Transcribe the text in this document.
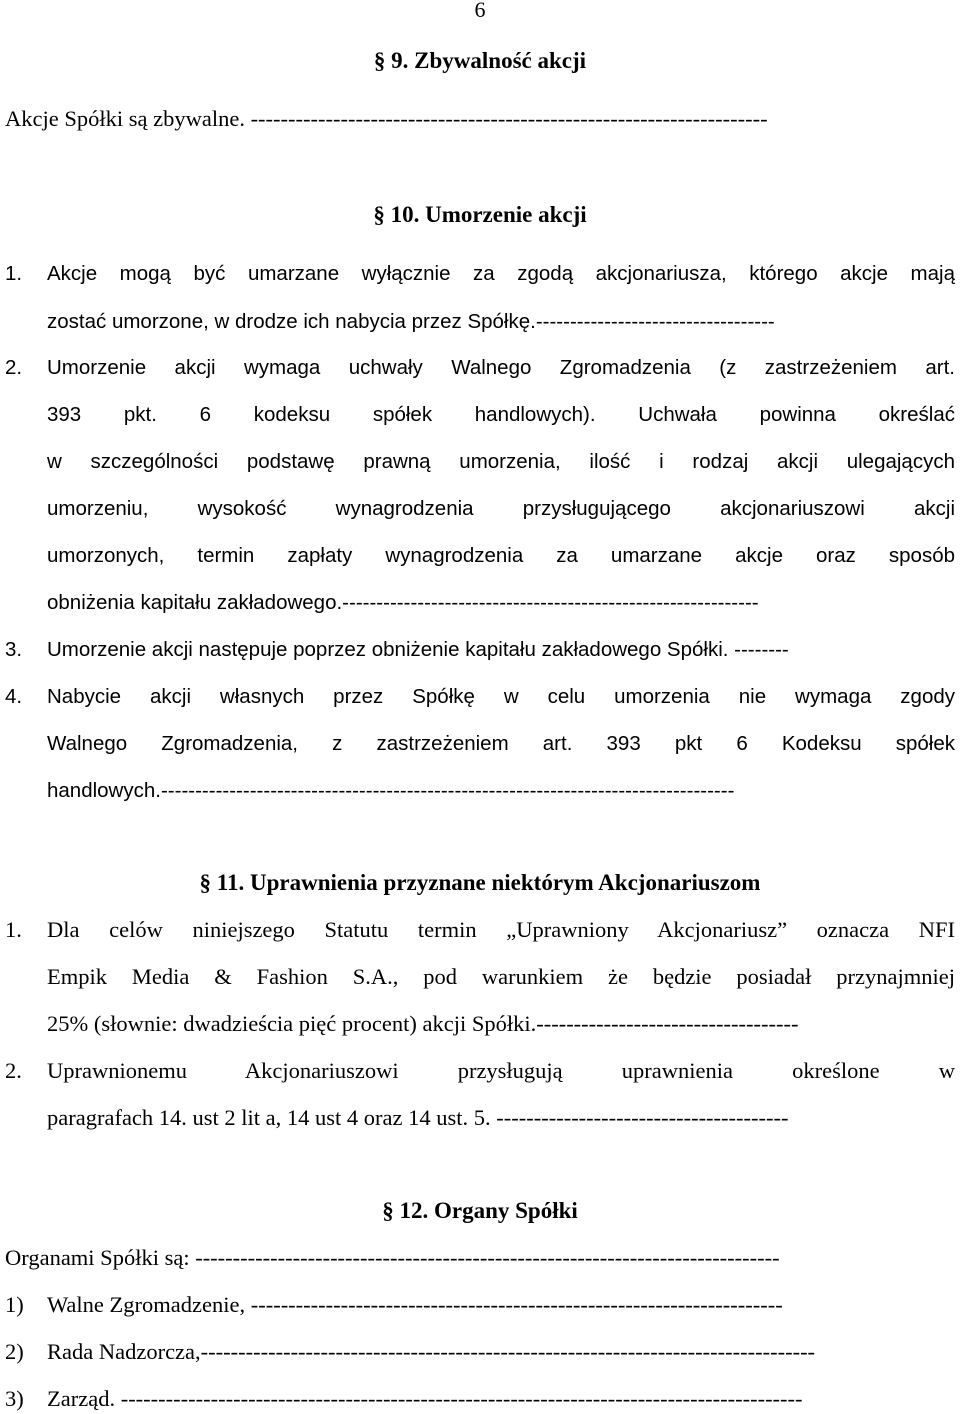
6
§ 9. Zbywalność akcji
Akcje Spółki są zbywalne. ---------------------------------------------------------------------
§ 10. Umorzenie akcji
1. Akcje mogą być umarzane wyłącznie za zgodą akcjonariusza, którego akcje mają
zostać umorzone, w drodze ich nabycia przez Spółkę.-----------------------------------
2. Umorzenie akcji wymaga uchwały Walnego Zgromadzenia (z zastrzeżeniem art.
393 pkt. 6 kodeksu spółek handlowych). Uchwała powinna określać
w szczególności podstawę prawną umorzenia, ilość i rodzaj akcji ulegających
umorzeniu, wysokość wynagrodzenia przysługującego akcjonariuszowi akcji
umorzonych, termin zapłaty wynagrodzenia za umarzane akcje oraz sposób
obniżenia kapitału zakładowego.-------------------------------------------------------------
3. Umorzenie akcji następuje poprzez obniżenie kapitału zakładowego Spółki. --------
4. Nabycie akcji własnych przez Spółkę w celu umorzenia nie wymaga zgody
Walnego Zgromadzenia, z zastrzeżeniem art. 393 pkt 6 Kodeksu spółek
handlowych.------------------------------------------------------------------------------------
§ 11. Uprawnienia przyznane niektórym Akcjonariuszom
1. Dla celów niniejszego Statutu termin „Uprawniony Akcjonariusz” oznacza NFI
Empik Media & Fashion S.A., pod warunkiem że będzie posiadał przynajmniej
25% (słownie: dwadzieścia pięć procent) akcji Spółki.-----------------------------------
2. Uprawnionemu Akcjonariuszowi przysługują uprawnienia określone w
paragrafach 14. ust 2 lit a, 14 ust 4 oraz 14 ust. 5. ---------------------------------------
§ 12. Organy Spółki
Organami Spółki są: ------------------------------------------------------------------------------
1) Walne Zgromadzenie, -----------------------------------------------------------------------
2) Rada Nadzorcza,----------------------------------------------------------------------------------
3) Zarząd. -------------------------------------------------------------------------------------------
